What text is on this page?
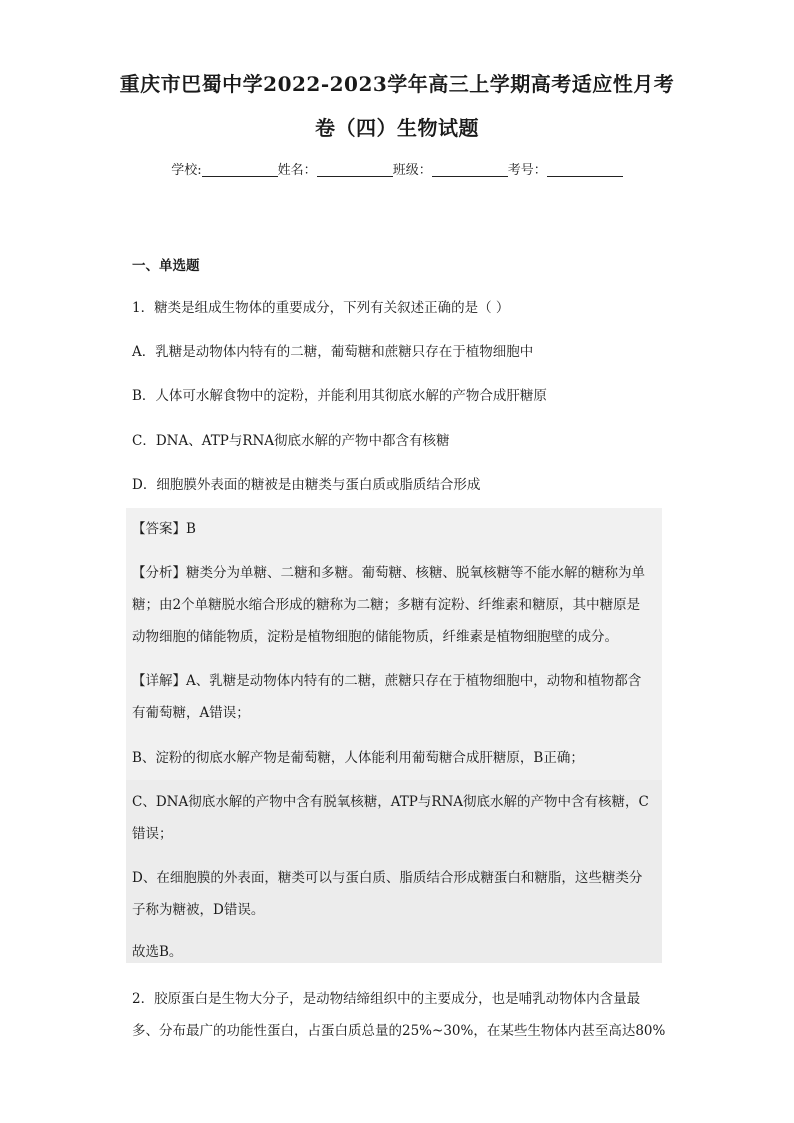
重庆市巴蜀中学2022-2023学年高三上学期高考适应性月考
卷（四）生物试题
学校:	姓名：	班级：	考号：
一、单选题
1．糖类是组成生物体的重要成分，下列有关叙述正确的是（ ）
A．乳糖是动物体内特有的二糖，葡萄糖和蔗糖只存在于植物细胞中
B．人体可水解食物中的淀粉，并能利用其彻底水解的产物合成肝糖原
C．DNA、ATP与RNA彻底水解的产物中都含有核糖
D．细胞膜外表面的糖被是由糖类与蛋白质或脂质结合形成
【答案】B
【分析】糖类分为单糖、二糖和多糖。葡萄糖、核糖、脱氧核糖等不能水解的糖称为单
糖；由2个单糖脱水缩合形成的糖称为二糖；多糖有淀粉、纤维素和糖原，其中糖原是
动物细胞的储能物质，淀粉是植物细胞的储能物质，纤维素是植物细胞壁的成分。
【详解】A、乳糖是动物体内特有的二糖，蔗糖只存在于植物细胞中，动物和植物都含
有葡萄糖，A错误；
B、淀粉的彻底水解产物是葡萄糖，人体能利用葡萄糖合成肝糖原，B正确；
C、DNA彻底水解的产物中含有脱氧核糖，ATP与RNA彻底水解的产物中含有核糖，C
错误；
D、在细胞膜的外表面，糖类可以与蛋白质、脂质结合形成糖蛋白和糖脂，这些糖类分
子称为糖被，D错误。
故选B。
2．胶原蛋白是生物大分子，是动物结缔组织中的主要成分，也是哺乳动物体内含量最
多、分布最广的功能性蛋白，占蛋白质总量的25%~30%，在某些生物体内甚至高达80%
